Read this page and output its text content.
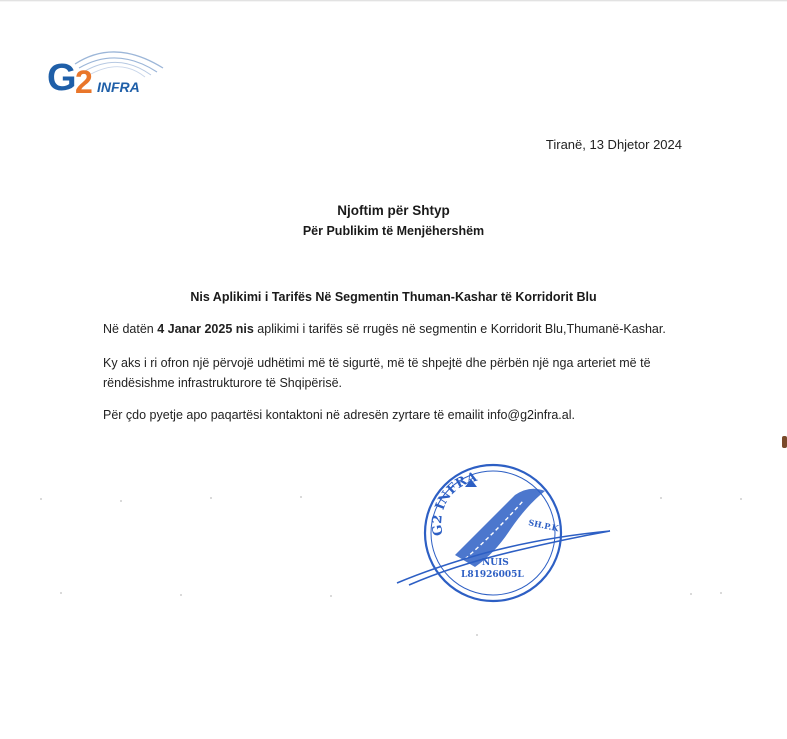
G
2 INFRA
Tiranë, 13 Dhjetor 2024
Njoftim për Shtyp
Për Publikim të Menjëhershëm
Nis Aplikimi i Tarifës Në Segmentin Thuman-Kashar të Korridorit Blu
Në datën 4 Janar 2025 nis aplikimi i tarifës së rrugës në segmentin e Korridorit Blu,Thumanë-Kashar.
Ky aks i ri ofron një përvojë udhëtimi më të sigurtë, më të shpejtë dhe përbën një nga arteriet më të rëndësishme infrastrukturore të Shqipërisë.
Për çdo pyetje apo paqartësi kontaktoni në adresën zyrtare të emailit info@g2infra.al.
G2 INFRA
SH.P.K
NUIS
L81926005L
